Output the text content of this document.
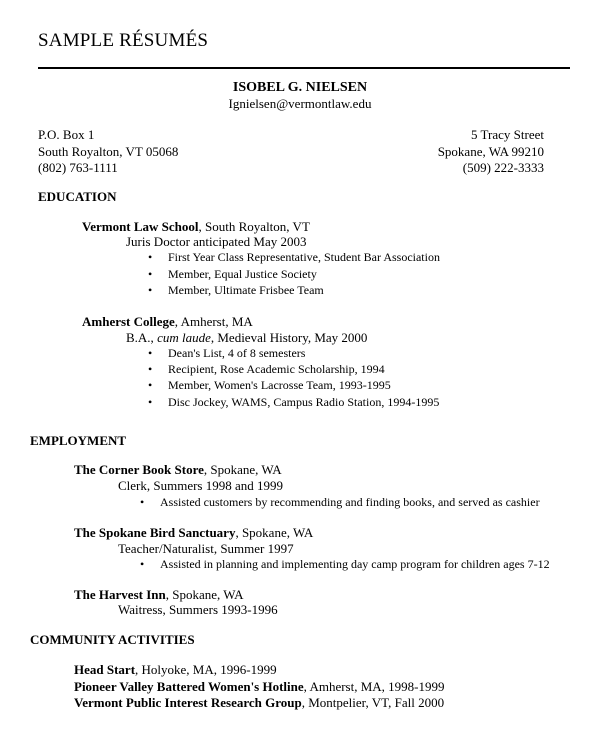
SAMPLE RÉSUMÉS
ISOBEL G. NIELSEN
Ignielsen@vermontlaw.edu
P.O. Box 1
South Royalton, VT 05068
(802) 763-1111
5 Tracy Street
Spokane, WA 99210
(509) 222-3333
EDUCATION
Vermont Law School, South Royalton, VT
Juris Doctor anticipated May 2003
• First Year Class Representative, Student Bar Association
• Member, Equal Justice Society
• Member, Ultimate Frisbee Team
Amherst College, Amherst, MA
B.A., cum laude, Medieval History, May 2000
• Dean's List, 4 of 8 semesters
• Recipient, Rose Academic Scholarship, 1994
• Member, Women's Lacrosse Team, 1993-1995
• Disc Jockey, WAMS, Campus Radio Station, 1994-1995
EMPLOYMENT
The Corner Book Store, Spokane, WA
Clerk, Summers 1998 and 1999
• Assisted customers by recommending and finding books, and served as cashier
The Spokane Bird Sanctuary, Spokane, WA
Teacher/Naturalist, Summer 1997
• Assisted in planning and implementing day camp program for children ages 7-12
The Harvest Inn, Spokane, WA
Waitress, Summers 1993-1996
COMMUNITY ACTIVITIES
Head Start, Holyoke, MA, 1996-1999
Pioneer Valley Battered Women's Hotline, Amherst, MA, 1998-1999
Vermont Public Interest Research Group, Montpelier, VT, Fall 2000
